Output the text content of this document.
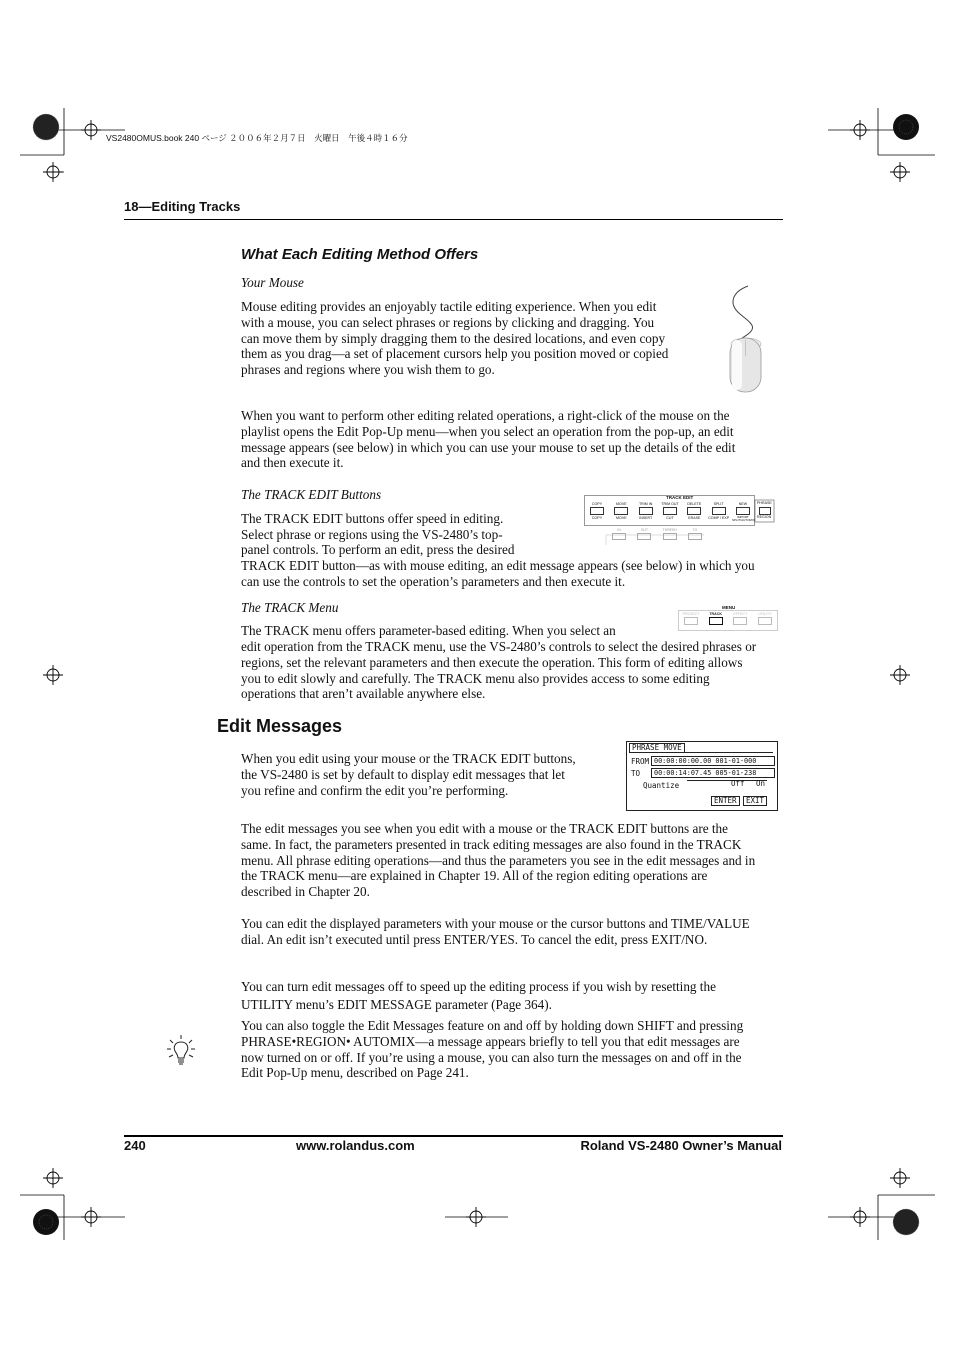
VS2480OMUS.book 240 ページ ２００６年２月７日　火曜日　午後４時１６分
18—Editing Tracks
What Each Editing Method Offers
Your Mouse
Mouse editing provides an enjoyably tactile editing experience. When you edit with a mouse, you can select phrases or regions by clicking and dragging. You can move them by simply dragging them to the desired locations, and even copy them as you drag—a set of placement cursors help you position moved or copied phrases and regions where you wish them to go.
When you want to perform other editing related operations, a right-click of the mouse on the playlist opens the Edit Pop-Up menu—when you select an operation from the pop-up, an edit message appears (see below) in which you can use your mouse to set up the details of the edit and then execute it.
The TRACK EDIT Buttons
The TRACK EDIT buttons offer speed in editing.
Select phrase or regions using the VS-2480’s top-
panel controls. To perform an edit, press the desired
TRACK EDIT button—as with mouse editing, an edit message appears (see below) in which you can use the controls to set the operation’s parameters and then execute it.
TRACK EDIT
COPY
COPY
MOVE
MOVE
TRIM IN
INSERT
TRIM OUT
CUT
DELETE
ERASE
SPLIT
COMP / EXP
NEW
IMPORT SPLIT/AUTOMIX
PHRASE
REGION
IN	OUT	THRESH	TO
The TRACK Menu
The TRACK menu offers parameter-based editing. When you select an
edit operation from the TRACK menu, use the VS-2480’s controls to select the desired phrases or regions, set the relevant parameters and then execute the operation. This form of editing allows you to edit slowly and carefully. The TRACK menu also provides access to some editing operations that aren’t available anywhere else.
MENU
PROJECT	TRACK	EFFECT	UTILITY
Edit Messages
When you edit using your mouse or the TRACK EDIT buttons, the VS-2480 is set by default to display edit messages that let you refine and confirm the edit you’re performing.
PHRASE MOVE
FROM 00:00:00:00.00 001-01-000
TO	00:00:14:07.45 005-01-238
Quantize	Off On
ENTER	EXIT
The edit messages you see when you edit with a mouse or the TRACK EDIT buttons are the same. In fact, the parameters presented in track editing messages are also found in the TRACK menu. All phrase editing operations—and thus the parameters you see in the edit messages and in the TRACK menu—are explained in Chapter 19. All of the region editing operations are described in Chapter 20.
You can edit the displayed parameters with your mouse or the cursor buttons and TIME/VALUE dial. An edit isn’t executed until press ENTER/YES. To cancel the edit, press EXIT/NO.
You can turn edit messages off to speed up the editing process if you wish by resetting the UTILITY menu’s EDIT MESSAGE parameter (Page 364).
You can also toggle the Edit Messages feature on and off by holding down SHIFT and pressing PHRASE•REGION• AUTOMIX—a message appears briefly to tell you that edit messages are now turned on or off. If you’re using a mouse, you can also turn the messages on and off in the Edit Pop-Up menu, described on Page 241.
240	www.rolandus.com	Roland VS-2480 Owner’s Manual
